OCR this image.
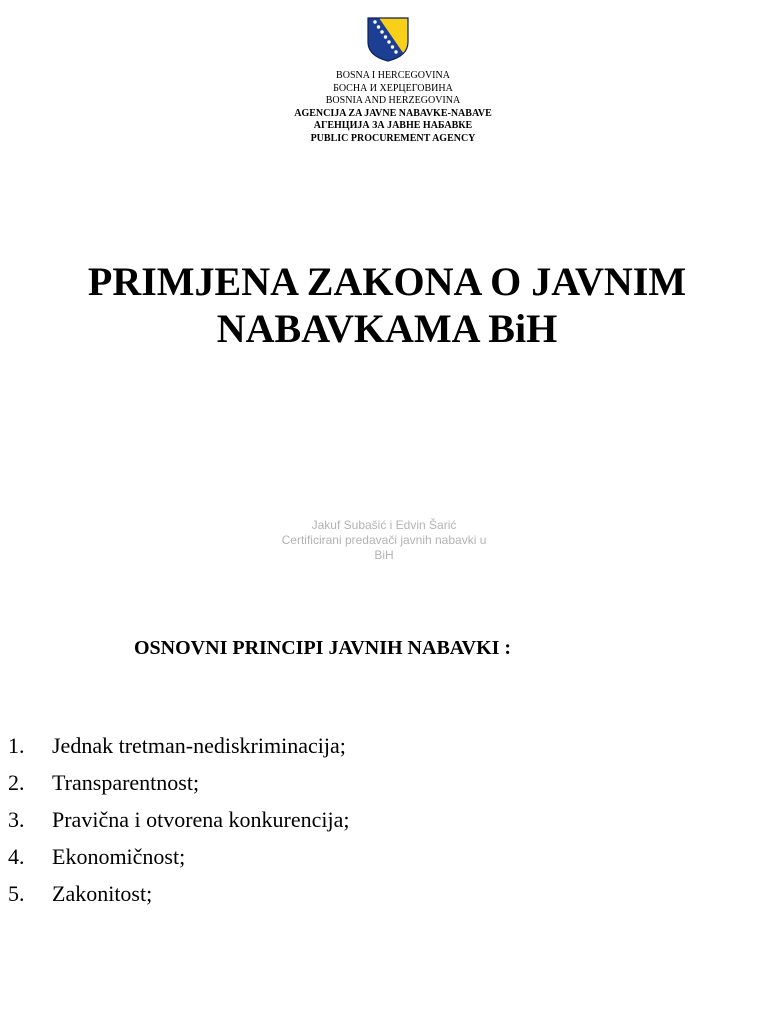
BOSNA I HERCEGOVINA
БОСНА И ХЕРЦЕГОВИНА
BOSNIA AND HERZEGOVINA
AGENCIJA ZA JAVNE NABAVKE-NABAVE
АГЕНЦИЈА ЗА ЈАВНЕ НАБАВКЕ
PUBLIC PROCUREMENT AGENCY
PRIMJENA ZAKONA O JAVNIM
NABAVKAMA BiH
Jakuf Subašić i Edvin Šarić
Certificirani predavači javnih nabavki u
BiH
OSNOVNI PRINCIPI JAVNIH NABAVKI :
1.	Jednak tretman-nediskriminacija;
2.	Transparentnost;
3.	Pravična i otvorena konkurencija;
4.	Ekonomičnost;
5.	Zakonitost;
